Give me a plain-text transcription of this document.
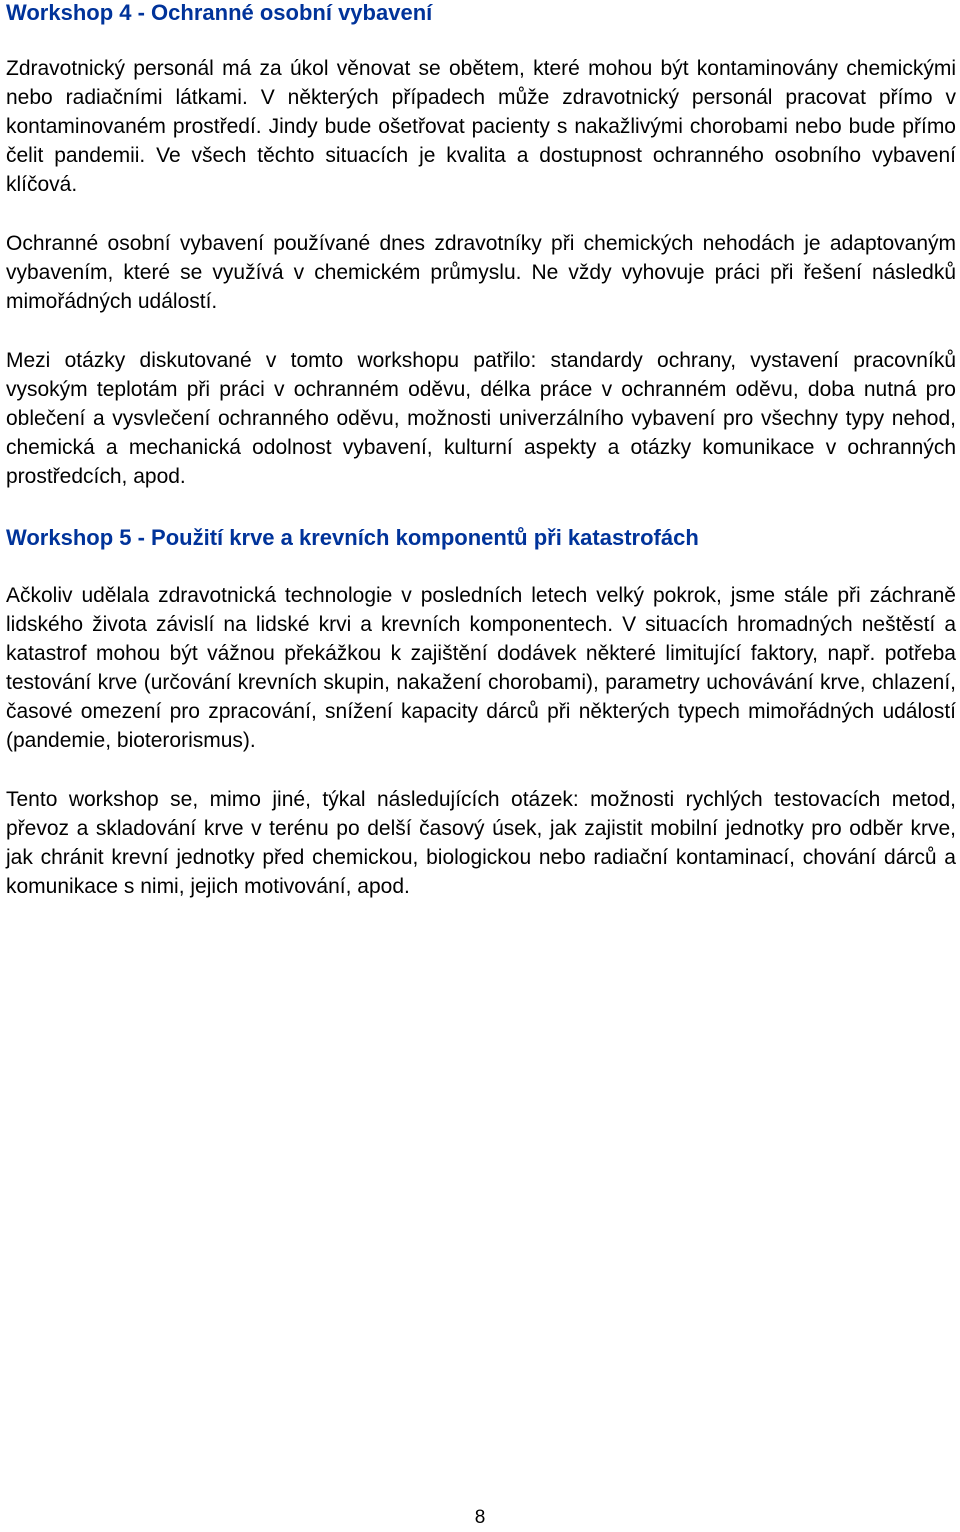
Workshop 4 - Ochranné osobní vybavení

Zdravotnický personál má za úkol věnovat se obětem, které mohou být kontaminovány chemickými nebo radiačními látkami. V některých případech může zdravotnický personál pracovat přímo v kontaminovaném prostředí. Jindy bude ošetřovat pacienty s nakažlivými chorobami nebo bude přímo čelit pandemii. Ve všech těchto situacích je kvalita a dostupnost ochranného osobního vybavení klíčová.

Ochranné osobní vybavení používané dnes zdravotníky při chemických nehodách je adaptovaným vybavením, které se využívá v chemickém průmyslu. Ne vždy vyhovuje práci při řešení následků mimořádných událostí.

Mezi otázky diskutované v tomto workshopu patřilo: standardy ochrany, vystavení pracovníků vysokým teplotám při práci v ochranném oděvu, délka práce v ochranném oděvu, doba nutná pro oblečení a vysvlečení ochranného oděvu, možnosti univerzálního vybavení pro všechny typy nehod, chemická a mechanická odolnost vybavení, kulturní aspekty a otázky komunikace v ochranných prostředcích, apod.

Workshop 5 - Použití krve a krevních komponentů při katastrofách

Ačkoliv udělala zdravotnická technologie v posledních letech velký pokrok, jsme stále při záchraně lidského života závislí na lidské krvi a krevních komponentech. V situacích hromadných neštěstí a katastrof mohou být vážnou překážkou k zajištění dodávek některé limitující faktory, např. potřeba testování krve (určování krevních skupin, nakažení chorobami), parametry uchovávání krve, chlazení, časové omezení pro zpracování, snížení kapacity dárců při některých typech mimořádných událostí (pandemie, bioterorismus).

Tento workshop se, mimo jiné, týkal následujících otázek: možnosti rychlých testovacích metod, převoz a skladování krve v terénu po delší časový úsek, jak zajistit mobilní jednotky pro odběr krve, jak chránit krevní jednotky před chemickou, biologickou nebo radiační kontaminací, chování dárců a komunikace s nimi, jejich motivování, apod.

8
